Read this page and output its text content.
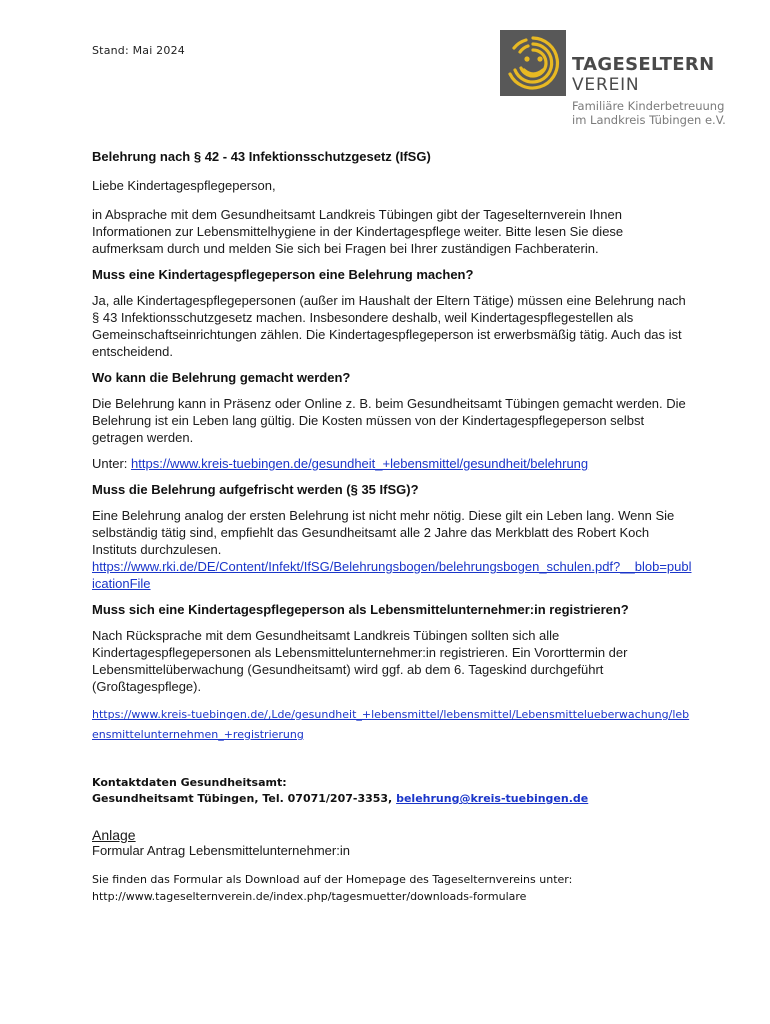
Stand: Mai 2024
TAGESELTERN
VEREIN
Familiäre Kinderbetreuung
im Landkreis Tübingen e.V.

Belehrung nach § 42 - 43 Infektionsschutzgesetz (IfSG)

Liebe Kindertagespflegeperson,

in Absprache mit dem Gesundheitsamt Landkreis Tübingen gibt der Tageselternverein Ihnen Informationen zur Lebensmittelhygiene in der Kindertagespflege weiter. Bitte lesen Sie diese aufmerksam durch und melden Sie sich bei Fragen bei Ihrer zuständigen Fachberaterin.

Muss eine Kindertagespflegeperson eine Belehrung machen?

Ja, alle Kindertagespflegepersonen (außer im Haushalt der Eltern Tätige) müssen eine Belehrung nach § 43 Infektionsschutzgesetz machen. Insbesondere deshalb, weil Kindertagespflegestellen als Gemeinschaftseinrichtungen zählen. Die Kindertagespflegeperson ist erwerbsmäßig tätig. Auch das ist entscheidend.

Wo kann die Belehrung gemacht werden?

Die Belehrung kann in Präsenz oder Online z. B. beim Gesundheitsamt Tübingen gemacht werden. Die Belehrung ist ein Leben lang gültig. Die Kosten müssen von der Kindertagespflegeperson selbst getragen werden.

Unter: https://www.kreis-tuebingen.de/gesundheit_+lebensmittel/gesundheit/belehrung

Muss die Belehrung aufgefrischt werden (§ 35 IfSG)?

Eine Belehrung analog der ersten Belehrung ist nicht mehr nötig. Diese gilt ein Leben lang. Wenn Sie selbständig tätig sind, empfiehlt das Gesundheitsamt alle 2 Jahre das Merkblatt des Robert Koch Instituts durchzulesen.

https://www.rki.de/DE/Content/Infekt/IfSG/Belehrungsbogen/belehrungsbogen_schulen.pdf?__blob=publicationFile

Muss sich eine Kindertagespflegeperson als Lebensmittelunternehmer:in registrieren?

Nach Rücksprache mit dem Gesundheitsamt Landkreis Tübingen sollten sich alle Kindertagespflegepersonen als Lebensmittelunternehmer:in registrieren. Ein Vororttermin der Lebensmittelüberwachung (Gesundheitsamt) wird ggf. ab dem 6. Tageskind durchgeführt (Großtagespflege).

https://www.kreis-tuebingen.de/,Lde/gesundheit_+lebensmittel/lebensmittel/Lebensmittelueberwachung/lebensmittelunternehmen_+registrierung

Kontaktdaten Gesundheitsamt:
Gesundheitsamt Tübingen, Tel. 07071/207-3353, belehrung@kreis-tuebingen.de

Anlage

Formular Antrag Lebensmittelunternehmer:in

Sie finden das Formular als Download auf der Homepage des Tageselternvereins unter:
http://www.tageselternverein.de/index.php/tagesmuetter/downloads-formulare
